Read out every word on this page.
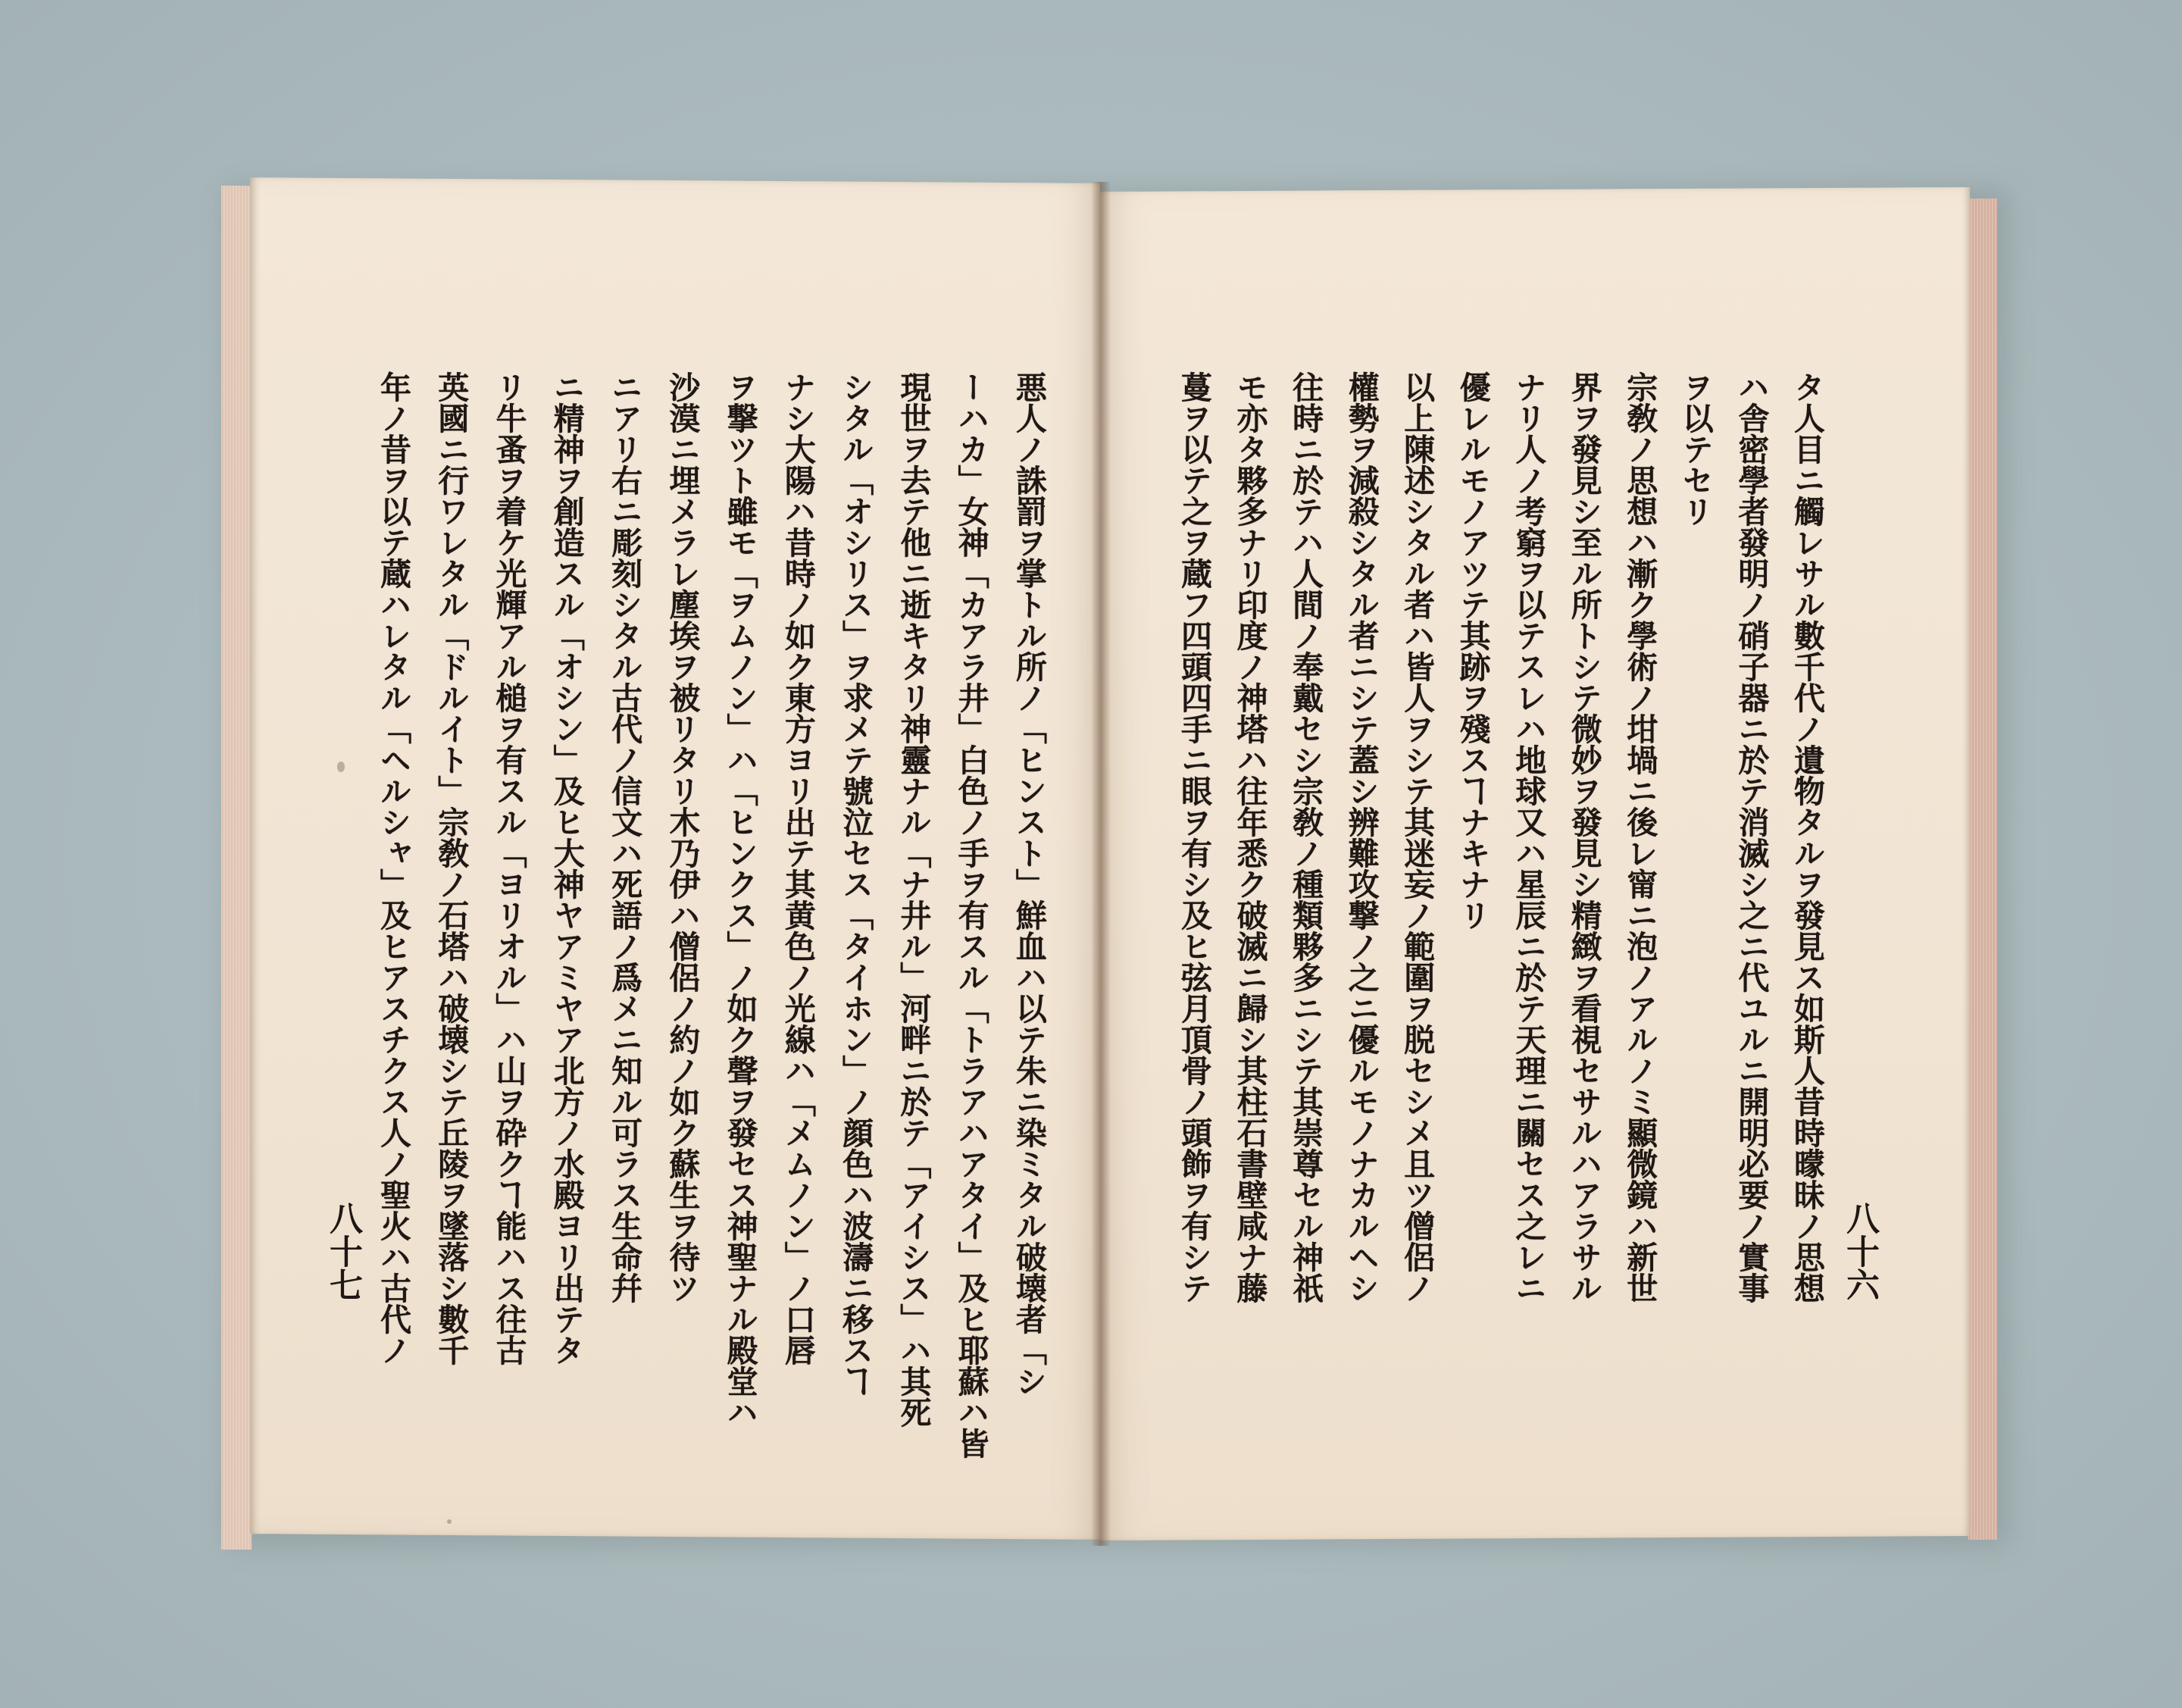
年ノ昔ヲ以テ蔵ハレタル「ヘルシャ」及ヒアスチクス人ノ聖火ハ古代ノ 英國ニ行ワレタル「ドルイト」宗敎ノ石塔ハ破壊シテ丘陵ヲ墜落シ數千 リ牛蚤ヲ着ケ光輝アル槌ヲ有スル「ヨリオル」ハ山ヲ砕クヿ能ハス往古 ニ精神ヲ創造スル「オシン」及ヒ大神ヤアミヤア北方ノ水殿ヨリ出テタ ニアリ右ニ彫刻シタル古代ノ信文ハ死語ノ爲メニ知ル可ラス生命幷 沙漠ニ埋メラレ塵埃ヲ被リタリ木乃伊ハ僧侶ノ約ノ如ク蘇生ヲ待ツ ヲ撃ツト雖モ「ヲムノン」ハ「ヒンクス」ノ如ク聲ヲ發セス神聖ナル殿堂ハ ナシ大陽ハ昔時ノ如ク東方ヨリ出テ其黄色ノ光線ハ「メムノン」ノ口唇 シタル「オシリス」ヲ求メテ號泣セス「タイホン」ノ顔色ハ波濤ニ移スヿ 現世ヲ去テ他ニ逝キタリ神靈ナル「ナ井ル」河畔ニ於テ「アイシス」ハ其死 ーハカ」女神「カアラ井」白色ノ手ヲ有スル「トラアハアタイ」及ヒ耶蘇ハ皆 悪人ノ誅罰ヲ掌トル所ノ「ヒンスト」鮮血ハ以テ朱ニ染ミタル破壊者「シ
八十七	蔓ヲ以テ之ヲ蔵フ四頭四手ニ眼ヲ有シ及ヒ弦月頂骨ノ頭飾ヲ有シテ モ亦タ夥多ナリ印度ノ神塔ハ往年悉ク破滅ニ歸シ其柱石書壁咸ナ藤 往時ニ於テハ人間ノ奉戴セシ宗敎ノ種類夥多ニシテ其崇尊セル神祇 權勢ヲ減殺シタル者ニシテ蓋シ辨難攻撃ノ之ニ優ルモノナカルヘシ 以上陳述シタル者ハ皆人ヲシテ其迷妄ノ範圍ヲ脱セシメ且ツ僧侶ノ 優レルモノアツテ其跡ヲ殘スヿナキナリ ナリ人ノ考窮ヲ以テスレハ地球又ハ星辰ニ於テ天理ニ關セス之レニ 界ヲ發見シ至ル所トシテ微妙ヲ發見シ精緻ヲ看視セサルハアラサル 宗敎ノ思想ハ漸ク學術ノ坩堝ニ後レ甯ニ泡ノアルノミ顯微鏡ハ新世 ヲ以テセリ ハ舎密學者發明ノ硝子器ニ於テ消滅シ之ニ代ユルニ開明必要ノ實事 タ人目ニ觸レサル數千代ノ遺物タルヲ發見ス如斯人昔時曚昧ノ思想 八十六
